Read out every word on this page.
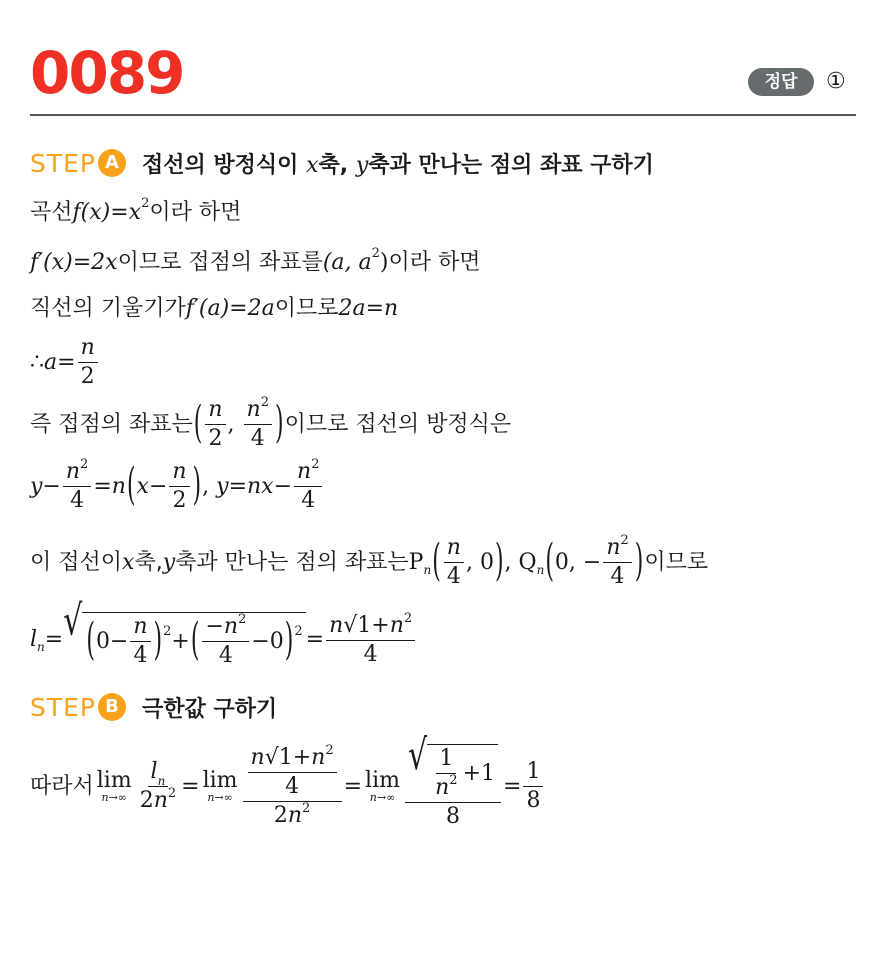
0089	정답	①
STEP A	접선의 방정식이 x축, y축과 만나는 점의 좌표 구하기
곡선 f(x)=x 2 이라 하면
f′(x)=2x 이므로 접점의 좌표를 (a, a 2 ) 이라 하면
직선의 기울기가 f′(a)=2a 이므로 2a=n
∴ $a= \frac{n}{2}$
즉 접점의 좌표는 ( $\frac{n}{2}$ , $\frac{n^2}{4}$ ) 이므로 접선의 방정식은
$y- \frac{n^2}{4} =n$ ( $x- \frac{n}{2}$ ) , $y=nx- \frac{n^2}{4}$
이 접선이 x 축, y 축과 만나는 점의 좌표는 P n ( $\frac{n}{4}$ , 0 ) , Q n ( 0, − $\frac{n^2}{4}$ ) 이므로
l n = √ ( $0- \frac{n}{4}$ ) 2 + ( $\frac{-n^2}{4} -0$ ) $2 = \frac{n√1+n^2}{4}$
STEP B	극한값 구하기
따라서 lim
$n\to\infty \frac{l_n}{2n^2} = \lim$
$n\to\infty \frac{\frac{n√1+n^2}{4}}{2n^2} = \lim$
$n\to\infty \frac{√ \frac{1}{n^2} +1}{8} = \frac{1}{8}$
